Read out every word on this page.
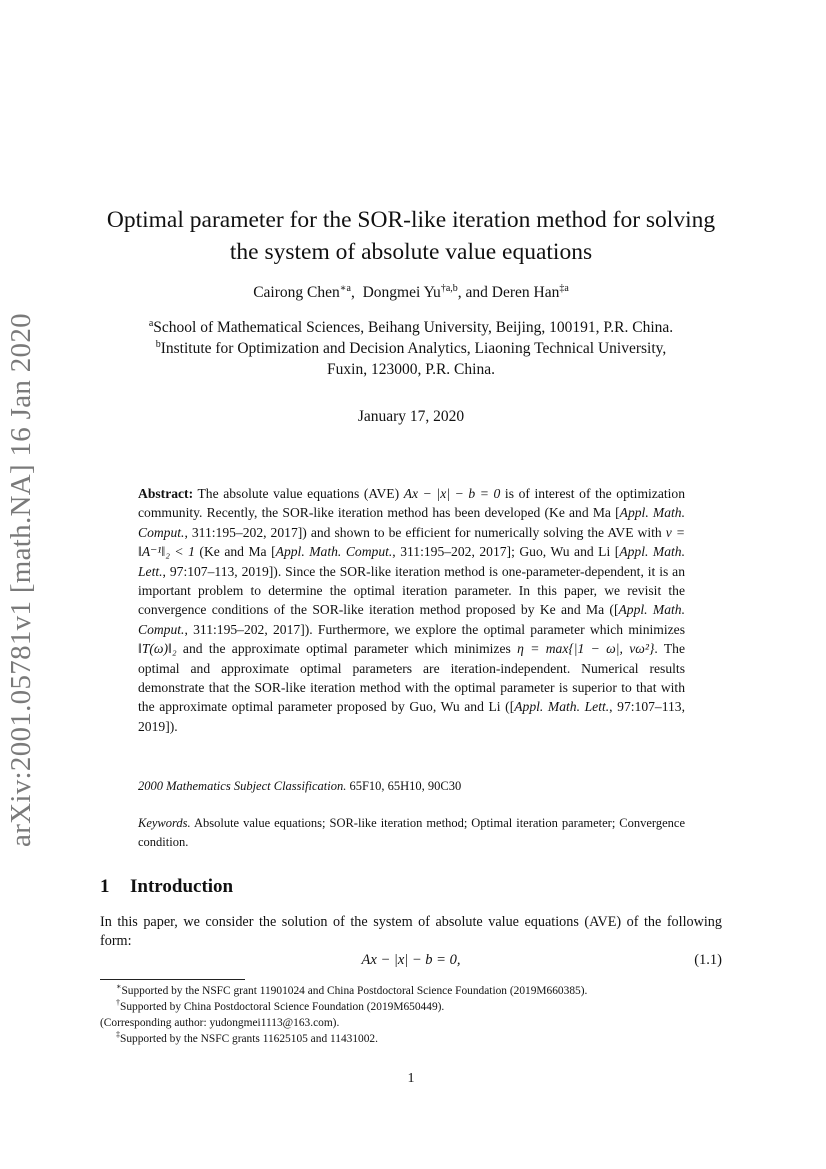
arXiv:2001.05781v1 [math.NA] 16 Jan 2020
Optimal parameter for the SOR-like iteration method for solving
the system of absolute value equations
Cairong Chen$^{∗a}$,  Dongmei Yu$^{\dagger a,b}$, and Deren Han$^{\ddagger a}$
$^a$School of Mathematical Sciences, Beihang University, Beijing, 100191, P.R. China.
$^b$Institute for Optimization and Decision Analytics, Liaoning Technical University,
Fuxin, 123000, P.R. China.
January 17, 2020
Abstract: The absolute value equations (AVE) Ax − |x| − b = 0 is of interest of the optimization community. Recently, the SOR-like iteration method has been developed (Ke and Ma [Appl. Math. Comput., 311:195–202, 2017]) and shown to be efficient for numerically solving the AVE with ν = ‖A⁻¹‖₂ < 1 (Ke and Ma [Appl. Math. Comput., 311:195–202, 2017]; Guo, Wu and Li [Appl. Math. Lett., 97:107–113, 2019]). Since the SOR-like iteration method is one-parameter-dependent, it is an important problem to determine the optimal iteration parameter. In this paper, we revisit the convergence conditions of the SOR-like iteration method proposed by Ke and Ma ([Appl. Math. Comput., 311:195–202, 2017]). Furthermore, we explore the optimal parameter which minimizes ‖T(ω)‖₂ and the approximate optimal parameter which minimizes η = max{|1 − ω|, νω²}. The optimal and approximate optimal parameters are iteration-independent. Numerical results demonstrate that the SOR-like iteration method with the optimal parameter is superior to that with the approximate optimal parameter proposed by Guo, Wu and Li ([Appl. Math. Lett., 97:107–113, 2019]).
2000 Mathematics Subject Classification. 65F10, 65H10, 90C30
Keywords. Absolute value equations; SOR-like iteration method; Optimal iteration parameter; Convergence condition.
1 Introduction
In this paper, we consider the solution of the system of absolute value equations (AVE) of the following form:
Ax − |x| − b = 0,	(1.1)
∗Supported by the NSFC grant 11901024 and China Postdoctoral Science Foundation (2019M660385).
†Supported by China Postdoctoral Science Foundation (2019M650449).
(Corresponding author: yudongmei1113@163.com).
‡Supported by the NSFC grants 11625105 and 11431002.
1
